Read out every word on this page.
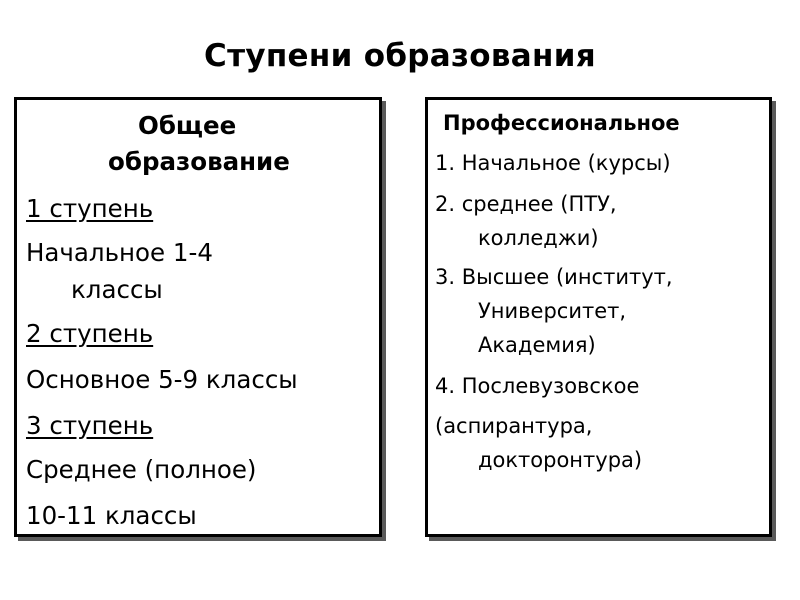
Ступени образования
Общее
образование
1 ступень
Начальное 1-4
классы
2 ступень
Основное 5-9 классы
3 ступень
Среднее (полное)
10-11 классы
Профессиональное
1. Начальное (курсы)
2. среднее (ПТУ,
колледжи)
3. Высшее (институт,
Университет,
Академия)
4. Послевузовское
(аспирантура,
докторонтура)
